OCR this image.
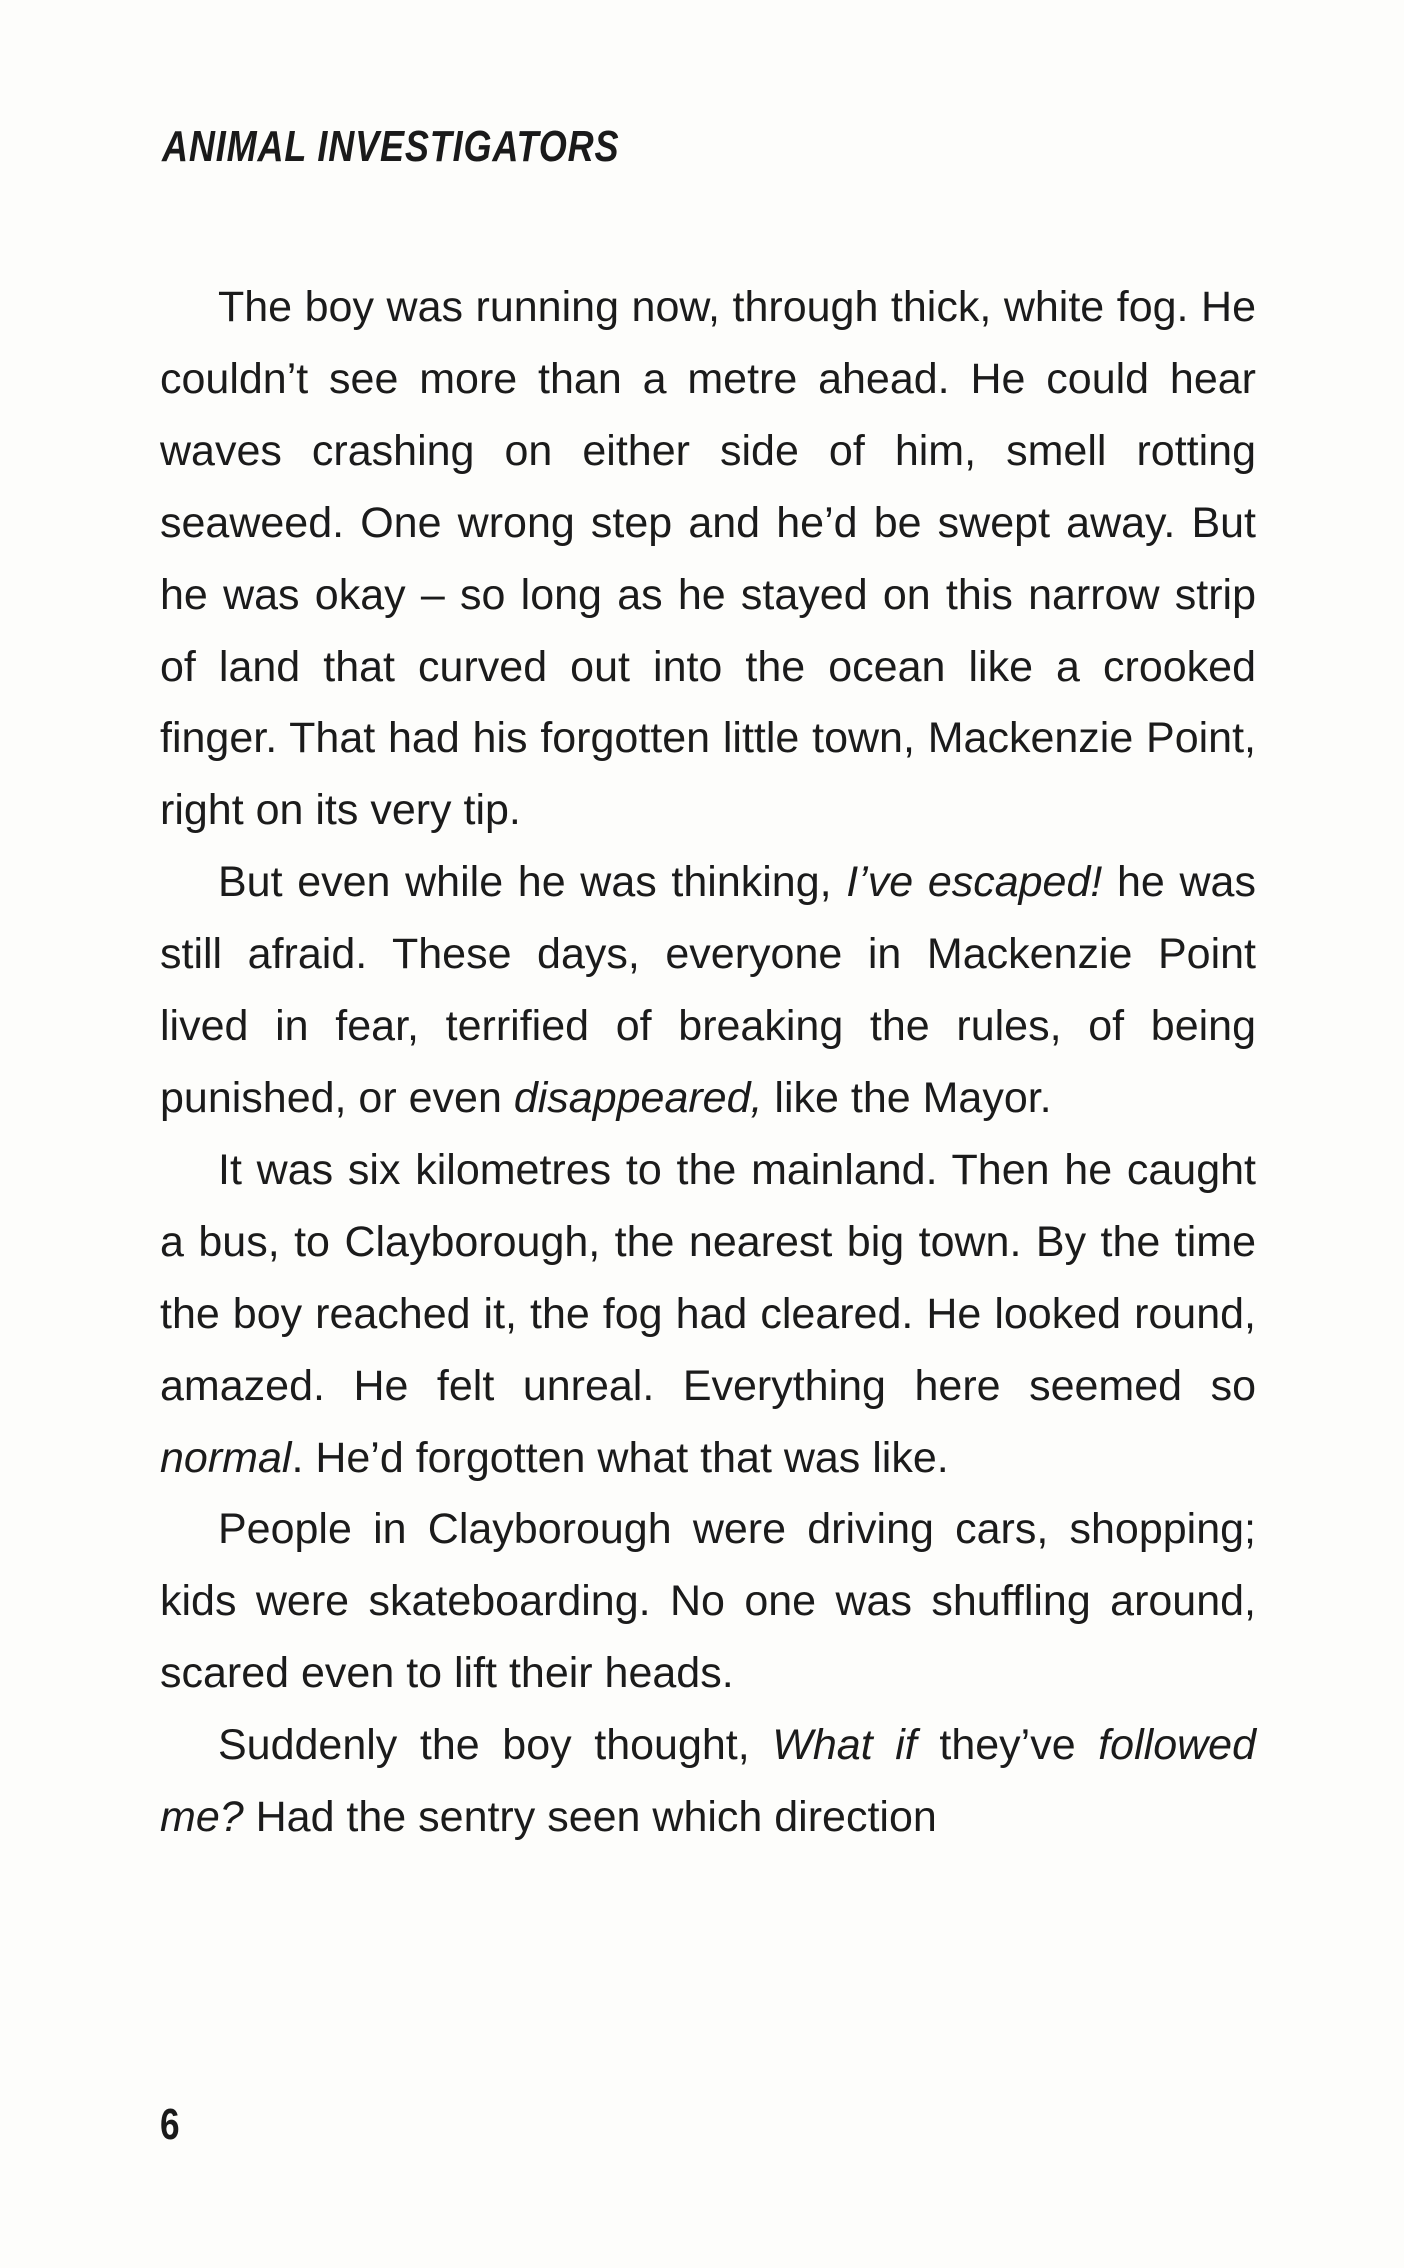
ANIMAL INVESTIGATORS

The boy was running now, through thick, white fog. He couldn’t see more than a metre ahead. He could hear waves crashing on either side of him, smell rotting seaweed. One wrong step and he’d be swept away. But he was okay – so long as he stayed on this narrow strip of land that curved out into the ocean like a crooked finger. That had his forgotten little town, Mackenzie Point, right on its very tip.

But even while he was thinking, I’ve escaped! he was still afraid. These days, everyone in Mackenzie Point lived in fear, terrified of breaking the rules, of being punished, or even disappeared, like the Mayor.

It was six kilometres to the mainland. Then he caught a bus, to Clayborough, the nearest big town. By the time the boy reached it, the fog had cleared. He looked round, amazed. He felt unreal. Everything here seemed so normal. He’d forgotten what that was like.

People in Clayborough were driving cars, shopping; kids were skateboarding. No one was shuffling around, scared even to lift their heads.

Suddenly the boy thought, What if they’ve followed me? Had the sentry seen which direction

6
